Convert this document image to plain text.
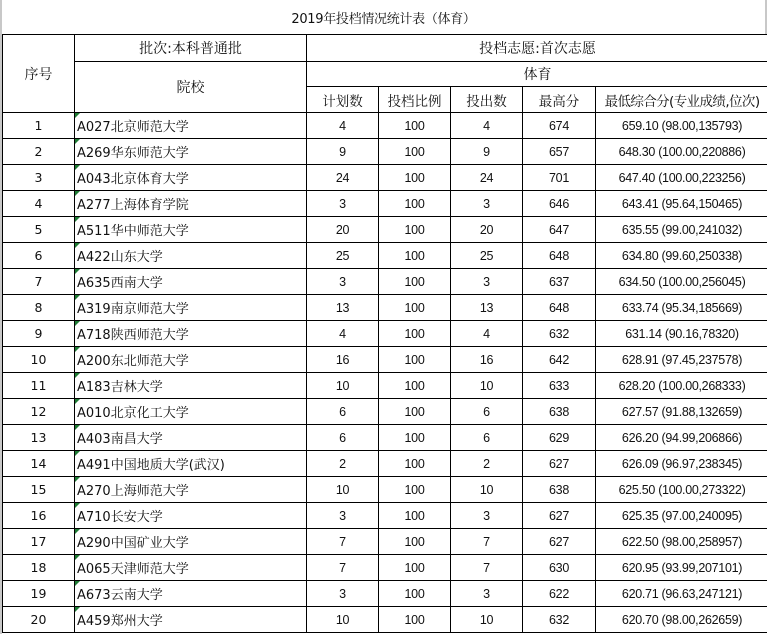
2019年投档情况统计表（体育）
序号	批次:本科普通批	投档志愿:首次志愿				
	院校	体育				
		计划数	投档比例	投出数	最高分	最低综合分(专业成绩,位次)
1	A027北京师范大学	4	100	4	674	659.10 (98.00,135793)
2	A269华东师范大学	9	100	9	657	648.30 (100.00,220886)
3	A043北京体育大学	24	100	24	701	647.40 (100.00,223256)
4	A277上海体育学院	3	100	3	646	643.41 (95.64,150465)
5	A511华中师范大学	20	100	20	647	635.55 (99.00,241032)
6	A422山东大学	25	100	25	648	634.80 (99.60,250338)
7	A635西南大学	3	100	3	637	634.50 (100.00,256045)
8	A319南京师范大学	13	100	13	648	633.74 (95.34,185669)
9	A718陕西师范大学	4	100	4	632	631.14 (90.16,78320)
10	A200东北师范大学	16	100	16	642	628.91 (97.45,237578)
11	A183吉林大学	10	100	10	633	628.20 (100.00,268333)
12	A010北京化工大学	6	100	6	638	627.57 (91.88,132659)
13	A403南昌大学	6	100	6	629	626.20 (94.99,206866)
14	A491中国地质大学(武汉)	2	100	2	627	626.09 (96.97,238345)
15	A270上海师范大学	10	100	10	638	625.50 (100.00,273322)
16	A710长安大学	3	100	3	627	625.35 (97.00,240095)
17	A290中国矿业大学	7	100	7	627	622.50 (98.00,258957)
18	A065天津师范大学	7	100	7	630	620.95 (93.99,207101)
19	A673云南大学	3	100	3	622	620.71 (96.63,247121)
20	A459郑州大学	10	100	10	632	620.70 (98.00,262659)
